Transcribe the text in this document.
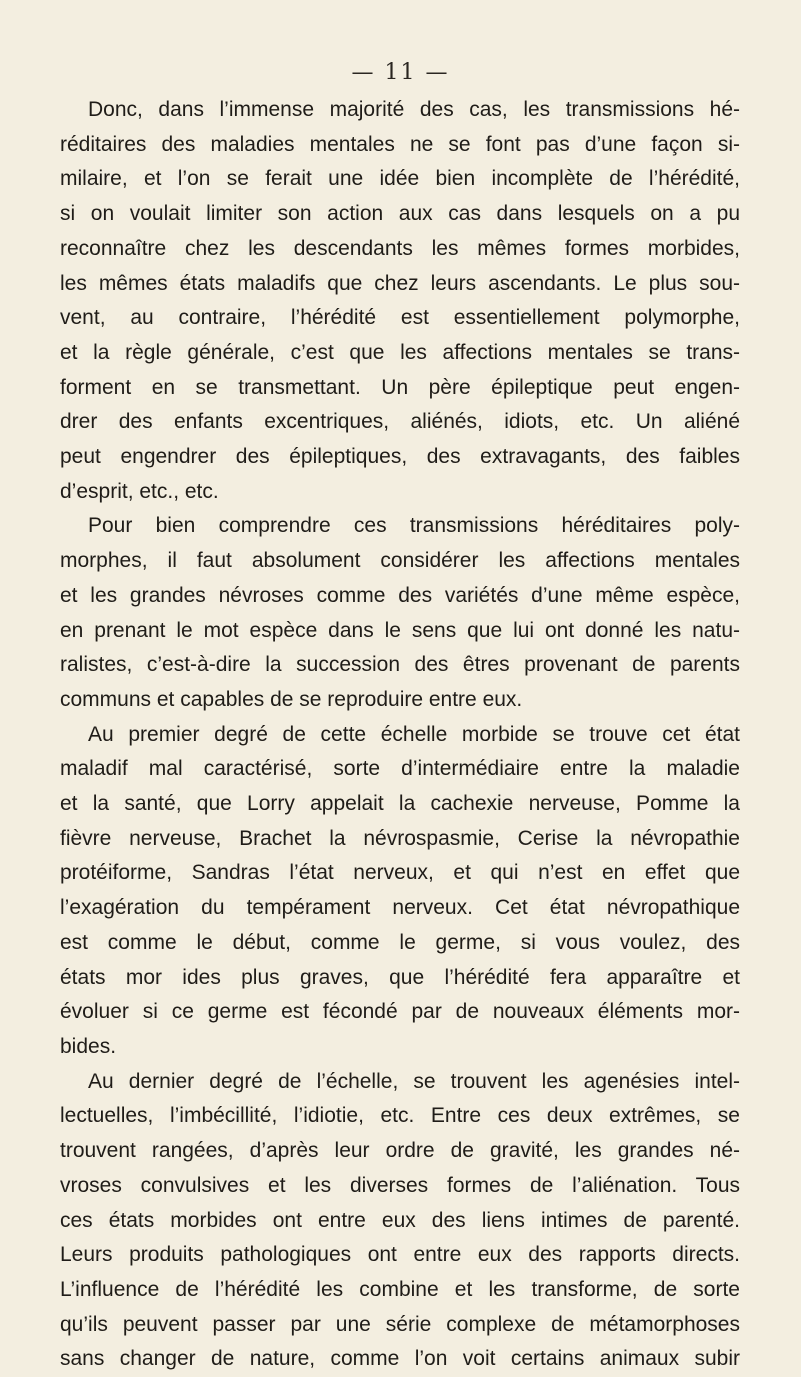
— 11 —
Donc, dans l’immense majorité des cas, les transmissions hé-
réditaires des maladies mentales ne se font pas d’une façon si-
milaire, et l’on se ferait une idée bien incomplète de l’hérédité,
si on voulait limiter son action aux cas dans lesquels on a pu
reconnaître chez les descendants les mêmes formes morbides,
les mêmes états maladifs que chez leurs ascendants. Le plus sou-
vent, au contraire, l’hérédité est essentiellement polymorphe,
et la règle générale, c’est que les affections mentales se trans-
forment en se transmettant. Un père épileptique peut engen-
drer des enfants excentriques, aliénés, idiots, etc. Un aliéné
peut engendrer des épileptiques, des extravagants, des faibles
d’esprit, etc., etc.
Pour bien comprendre ces transmissions héréditaires poly-
morphes, il faut absolument considérer les affections mentales
et les grandes névroses comme des variétés d’une même espèce,
en prenant le mot espèce dans le sens que lui ont donné les natu-
ralistes, c’est-à-dire la succession des êtres provenant de parents
communs et capables de se reproduire entre eux.
Au premier degré de cette échelle morbide se trouve cet état
maladif mal caractérisé, sorte d’intermédiaire entre la maladie
et la santé, que Lorry appelait la cachexie nerveuse, Pomme la
fièvre nerveuse, Brachet la névrospasmie, Cerise la névropathie
protéiforme, Sandras l’état nerveux, et qui n’est en effet que
l’exagération du tempérament nerveux. Cet état névropathique
est comme le début, comme le germe, si vous voulez, des
états mor ides plus graves, que l’hérédité fera apparaître et
évoluer si ce germe est fécondé par de nouveaux éléments mor-
bides.
Au dernier degré de l’échelle, se trouvent les agenésies intel-
lectuelles, l’imbécillité, l’idiotie, etc. Entre ces deux extrêmes, se
trouvent rangées, d’après leur ordre de gravité, les grandes né-
vroses convulsives et les diverses formes de l’aliénation. Tous
ces états morbides ont entre eux des liens intimes de parenté.
Leurs produits pathologiques ont entre eux des rapports directs.
L’influence de l’hérédité les combine et les transforme, de sorte
qu’ils peuvent passer par une série complexe de métamorphoses
sans changer de nature, comme l’on voit certains animaux subir
